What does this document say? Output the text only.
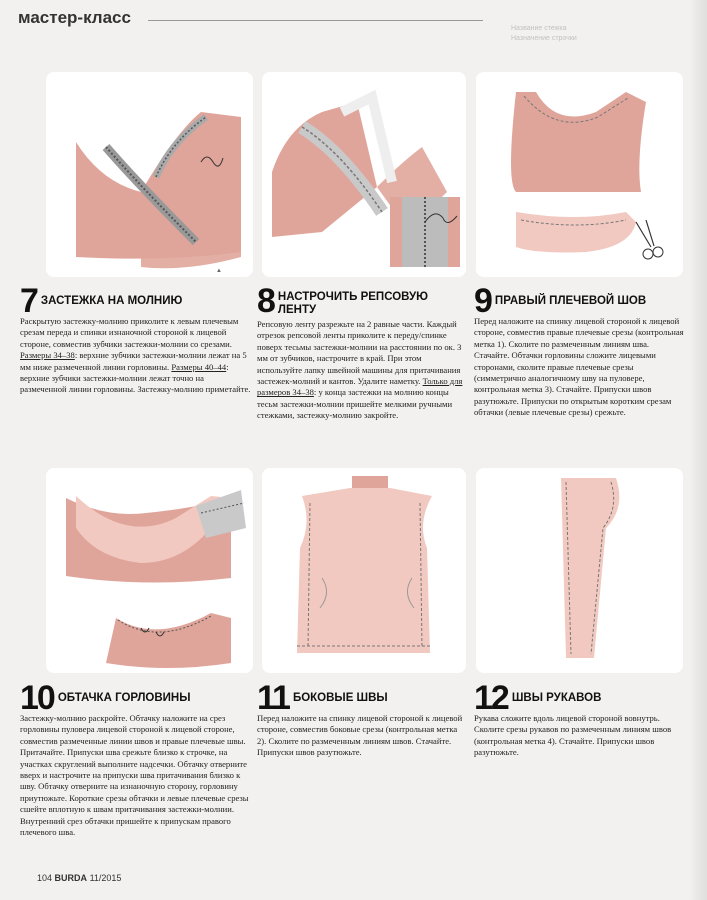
мастер-класс
Название стежка
Назначение строчки
▲
7 ЗАСТЕЖКА НА МОЛНИЮ

Раскрытую застежку-молнию приколите к левым плечевым срезам переда и спинки изнаночной стороной к лицевой стороне, совместив зубчики застежки-молнии со срезами. Размеры 34–38: верхние зубчики застежки-молнии лежат на 5 мм ниже размеченной линии горловины. Размеры 40–44: верхние зубчики застежки-молнии лежат точно на размеченной линии горловины. Застежку-молнию приметайте.

8 НАСТРОЧИТЬ РЕПСОВУЮ ЛЕНТУ

Репсовую ленту разрежьте на 2 равные части. Каждый отрезок репсовой ленты приколите к переду/спинке поверх тесьмы застежки-молнии на расстоянии по ок. 3 мм от зубчиков, настрочите в край. При этом используйте лапку швейной машины для притачивания застежек-молний и кантов. Удалите наметку. Только для размеров 34–38: у конца застежки на молнию концы тесьм застежки-молнии пришейте мелкими ручными стежками, застежку-молнию закройте.

9 ПРАВЫЙ ПЛЕЧЕВОЙ ШОВ

Перед наложите на спинку лицевой стороной к лицевой стороне, совместив правые плечевые срезы (контрольная метка 1). Сколите по размеченным линиям шва. Стачайте. Обтачки горловины сложите лицевыми сторонами, сколите правые плечевые срезы (симметрично аналогичному шву на пуловере, контрольная метка 3). Стачайте. Припуски швов разутюжьте. Припуски по открытым коротким срезам обтачки (левые плечевые срезы) срежьте.

10 ОБТАЧКА ГОРЛОВИНЫ

Застежку-молнию раскройте. Обтачку наложите на срез горловины пуловера лицевой стороной к лицевой стороне, совместив размеченные линии швов и правые плечевые швы. Притачайте. Припуски шва срежьте близко к строчке, на участках скруглений выполните надсечки. Обтачку отверните вверх и настрочите на припуски шва притачивания близко к шву. Обтачку отверните на изнаночную сторону, горловину приутюжьте. Короткие срезы обтачки и левые плечевые срезы сшейте вплотную к швам притачивания застежки-молнии. Внутренний срез обтачки пришейте к припускам правого плечевого шва.

11 БОКОВЫЕ ШВЫ

Перед наложите на спинку лицевой стороной к лицевой стороне, совместив боковые срезы (контрольная метка 2). Сколите по размеченным линиям швов. Стачайте. Припуски швов разутюжьте.

12 ШВЫ РУКАВОВ

Рукава сложите вдоль лицевой стороной вовнутрь. Сколите срезы рукавов по размеченным линиям швов (контрольная метка 4). Стачайте. Припуски швов разутюжьте.

104 BURDA 11/2015
